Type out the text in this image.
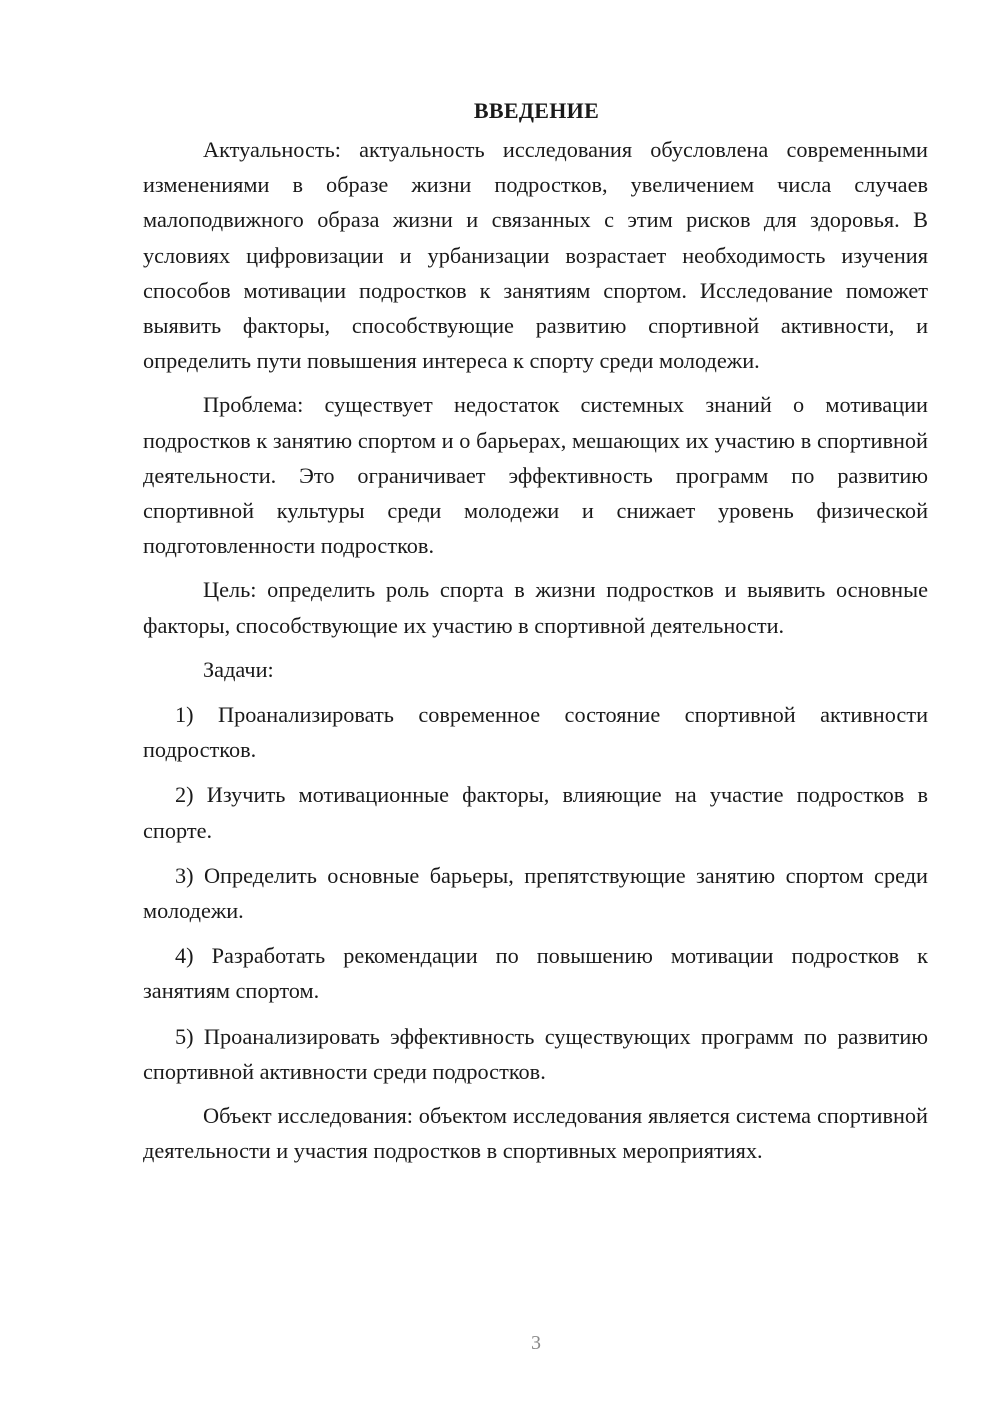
ВВЕДЕНИЕ

Актуальность: актуальность исследования обусловлена современными изменениями в образе жизни подростков, увеличением числа случаев малоподвижного образа жизни и связанных с этим рисков для здоровья. В условиях цифровизации и урбанизации возрастает необходимость изучения способов мотивации подростков к занятиям спортом. Исследование поможет выявить факторы, способствующие развитию спортивной активности, и определить пути повышения интереса к спорту среди молодежи.

Проблема: существует недостаток системных знаний о мотивации подростков к занятию спортом и о барьерах, мешающих их участию в спортивной деятельности. Это ограничивает эффективность программ по развитию спортивной культуры среди молодежи и снижает уровень физической подготовленности подростков.

Цель: определить роль спорта в жизни подростков и выявить основные факторы, способствующие их участию в спортивной деятельности.

Задачи:

1) Проанализировать современное состояние спортивной активности подростков.

2) Изучить мотивационные факторы, влияющие на участие подростков в спорте.

3) Определить основные барьеры, препятствующие занятию спортом среди молодежи.

4) Разработать рекомендации по повышению мотивации подростков к занятиям спортом.

5) Проанализировать эффективность существующих программ по развитию спортивной активности среди подростков.

Объект исследования: объектом исследования является система спортивной деятельности и участия подростков в спортивных мероприятиях.

3
